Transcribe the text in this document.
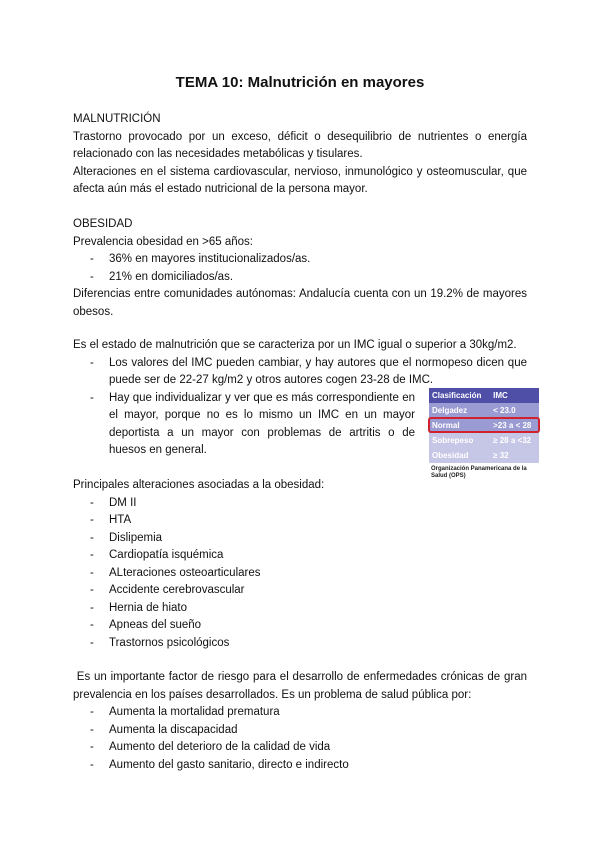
TEMA 10: Malnutrición en mayores
MALNUTRICIÓN
Trastorno provocado por un exceso, déficit o desequilibrio de nutrientes o energía relacionado con las necesidades metabólicas y tisulares.
Alteraciones en el sistema cardiovascular, nervioso, inmunológico y osteomuscular, que afecta aún más el estado nutricional de la persona mayor.
OBESIDAD
Prevalencia obesidad en >65 años:
- 36% en mayores institucionalizados/as.
- 21% en domiciliados/as.
Diferencias entre comunidades autónomas: Andalucía cuenta con un 19.2% de mayores obesos.
Es el estado de malnutrición que se caracteriza por un IMC igual o superior a 30kg/m2.
- Los valores del IMC pueden cambiar, y hay autores que el normopeso dicen que puede ser de 22-27 kg/m2 y otros autores cogen 23-28 de IMC.
- Hay que individualizar y ver que es más correspondiente en el mayor, porque no es lo mismo un IMC en un mayor deportista a un mayor con problemas de artritis o de huesos en general.
Clasificación	IMC
Delgadez	< 23.0
Normal	>23 a < 28
Sobrepeso	≥ 28 a <32
Obesidad	≥ 32
Organización Panamericana de la Salud (OPS)
Principales alteraciones asociadas a la obesidad:
- DM II
- HTA
- Dislipemia
- Cardiopatía isquémica
- ALteraciones osteoarticulares
- Accidente cerebrovascular
- Hernia de hiato
- Apneas del sueño
- Trastornos psicológicos
Es un importante factor de riesgo para el desarrollo de enfermedades crónicas de gran prevalencia en los países desarrollados. Es un problema de salud pública por:
- Aumenta la mortalidad prematura
- Aumenta la discapacidad
- Aumento del deterioro de la calidad de vida
- Aumento del gasto sanitario, directo e indirecto
